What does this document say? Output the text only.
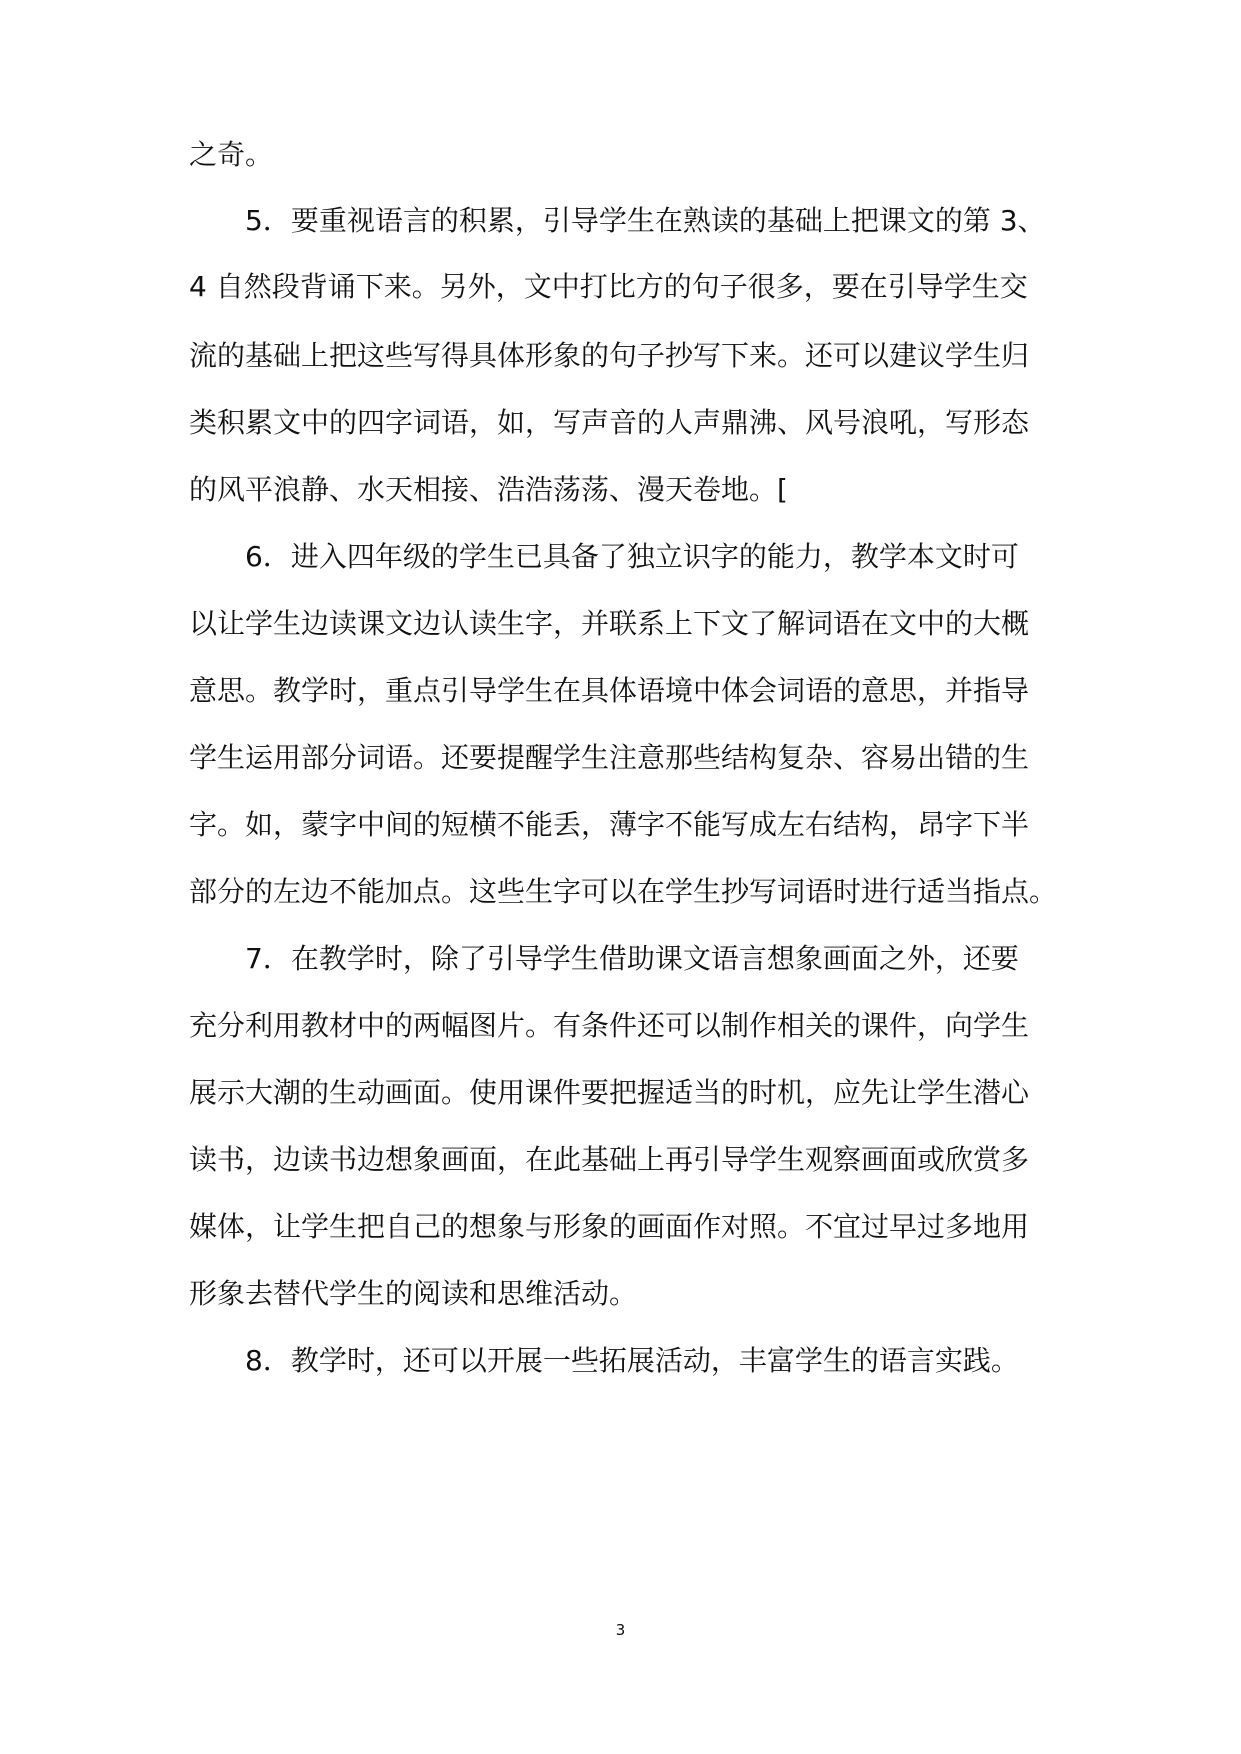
之奇。
5．要重视语言的积累，引导学生在熟读的基础上把课文的第 3、
4 自然段背诵下来。另外，文中打比方的句子很多，要在引导学生交
流的基础上把这些写得具体形象的句子抄写下来。还可以建议学生归
类积累文中的四字词语，如，写声音的人声鼎沸、风号浪吼，写形态
的风平浪静、水天相接、浩浩荡荡、漫天卷地。[
6．进入四年级的学生已具备了独立识字的能力，教学本文时可
以让学生边读课文边认读生字，并联系上下文了解词语在文中的大概
意思。教学时，重点引导学生在具体语境中体会词语的意思，并指导
学生运用部分词语。还要提醒学生注意那些结构复杂、容易出错的生
字。如，蒙字中间的短横不能丢，薄字不能写成左右结构，昂字下半
部分的左边不能加点。这些生字可以在学生抄写词语时进行适当指点。
7．在教学时，除了引导学生借助课文语言想象画面之外，还要
充分利用教材中的两幅图片。有条件还可以制作相关的课件，向学生
展示大潮的生动画面。使用课件要把握适当的时机，应先让学生潜心
读书，边读书边想象画面，在此基础上再引导学生观察画面或欣赏多
媒体，让学生把自己的想象与形象的画面作对照。不宜过早过多地用
形象去替代学生的阅读和思维活动。
8．教学时，还可以开展一些拓展活动，丰富学生的语言实践。
3
